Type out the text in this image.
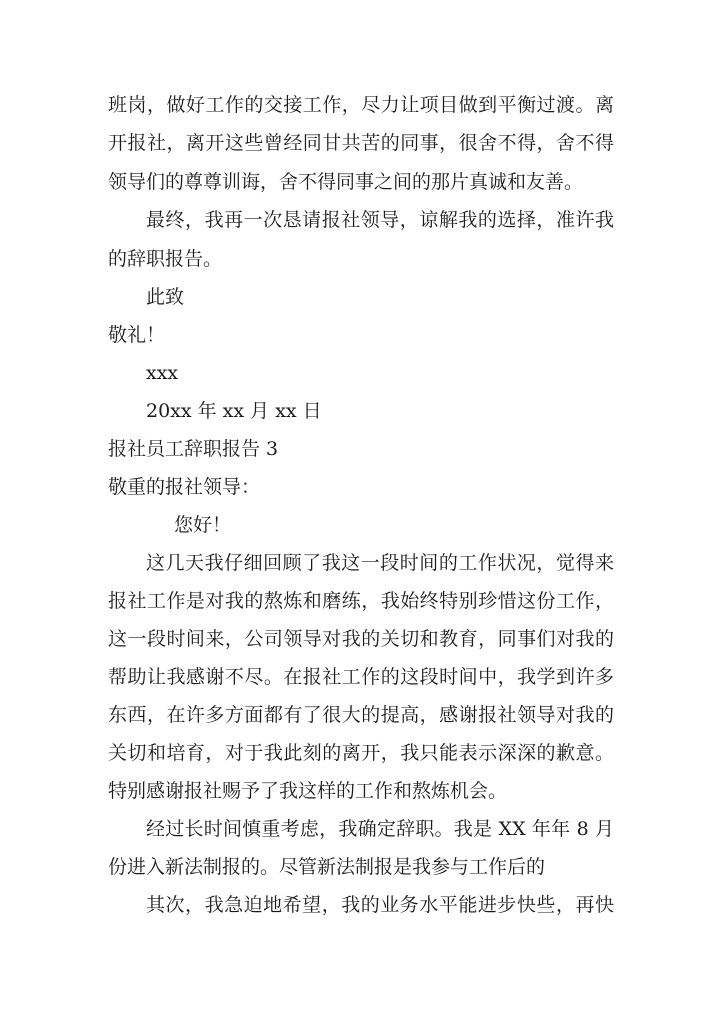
班岗，做好工作的交接工作，尽力让项目做到平衡过渡。离
开报社，离开这些曾经同甘共苦的同事，很舍不得，舍不得
领导们的尊尊训诲，舍不得同事之间的那片真诚和友善。
最终，我再一次恳请报社领导，谅解我的选择，准许我
的辞职报告。
此致
敬礼！
xxx
20xx 年 xx 月 xx 日
报社员工辞职报告 3
敬重的报社领导：
您好！
这几天我仔细回顾了我这一段时间的工作状况，觉得来
报社工作是对我的熬炼和磨练，我始终特别珍惜这份工作，
这一段时间来，公司领导对我的关切和教育，同事们对我的
帮助让我感谢不尽。在报社工作的这段时间中，我学到许多
东西，在许多方面都有了很大的提高，感谢报社领导对我的
关切和培育，对于我此刻的离开，我只能表示深深的歉意。
特别感谢报社赐予了我这样的工作和熬炼机会。
经过长时间慎重考虑，我确定辞职。我是 XX 年年 8 月
份进入新法制报的。尽管新法制报是我参与工作后的
其次，我急迫地希望，我的业务水平能进步快些，再快
